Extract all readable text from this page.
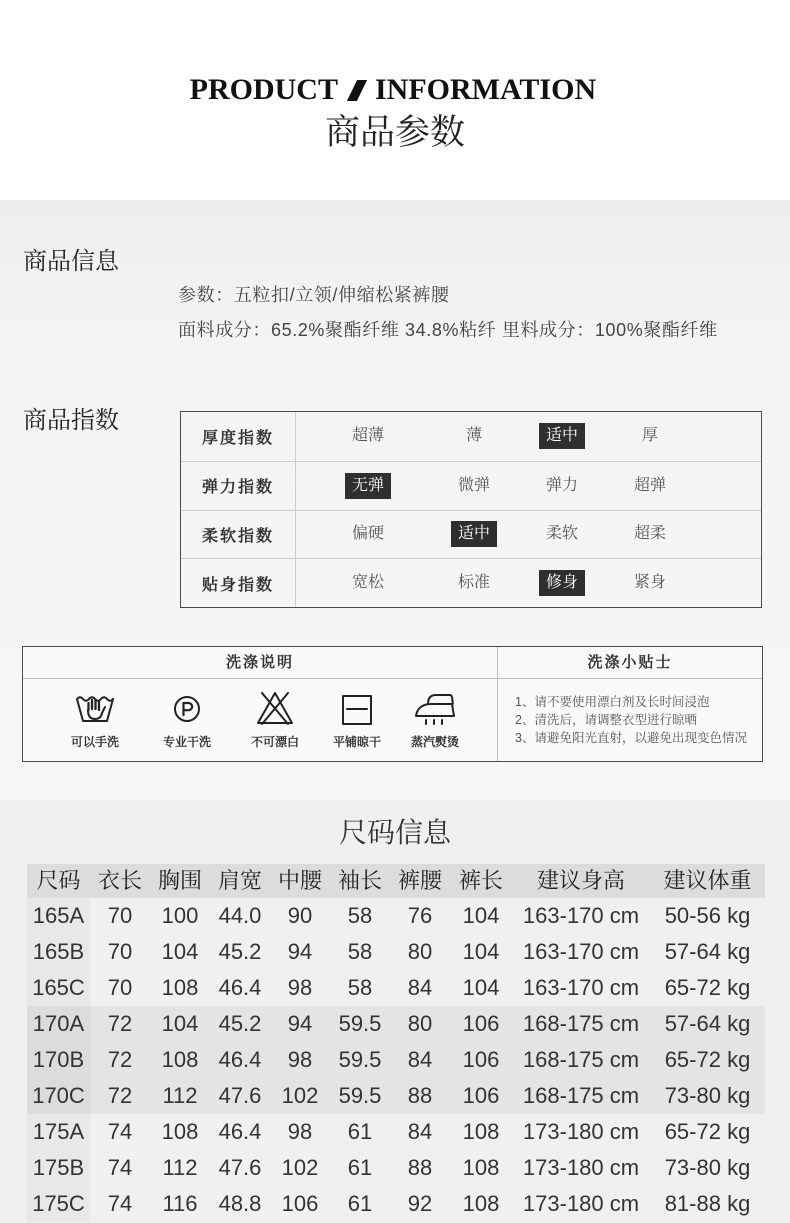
PRODUCT INFORMATION
商品参数
商品信息
参数：五粒扣/立领/伸缩松紧裤腰
面料成分：65.2%聚酯纤维 34.8%粘纤 里料成分：100%聚酯纤维
商品指数
厚度指数	超薄	薄	适中	厚
弹力指数	无弹	微弹	弹力	超弹
柔软指数	偏硬	适中	柔软	超柔
贴身指数	宽松	标准	修身	紧身
洗涤说明	洗涤小贴士
可以手洗	专业干洗	不可漂白	平铺晾干	蒸汽熨烫
1、请不要使用漂白剂及长时间浸泡
2、清洗后，请调整衣型进行晾晒
3、请避免阳光直射，以避免出现变色情况
尺码信息
尺码	衣长	胸围	肩宽	中腰	袖长	裤腰	裤长	建议身高	建议体重
165A	70	100	44.0	90	58	76	104	163-170 cm	50-56 kg
165B	70	104	45.2	94	58	80	104	163-170 cm	57-64 kg
165C	70	108	46.4	98	58	84	104	163-170 cm	65-72 kg
170A	72	104	45.2	94	59.5	80	106	168-175 cm	57-64 kg
170B	72	108	46.4	98	59.5	84	106	168-175 cm	65-72 kg
170C	72	112	47.6	102	59.5	88	106	168-175 cm	73-80 kg
175A	74	108	46.4	98	61	84	108	173-180 cm	65-72 kg
175B	74	112	47.6	102	61	88	108	173-180 cm	73-80 kg
175C	74	116	48.8	106	61	92	108	173-180 cm	81-88 kg
